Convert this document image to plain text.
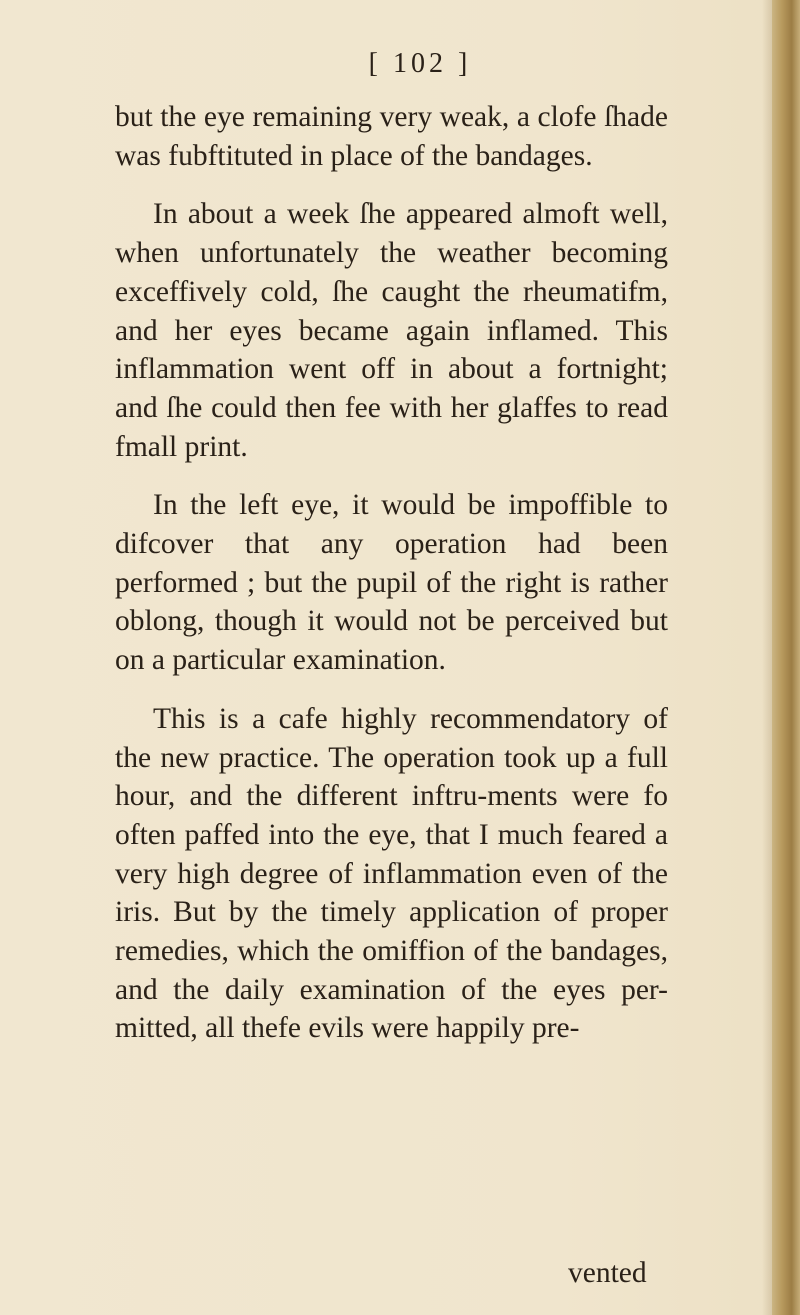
[ 102 ]

but the eye remaining very weak, a clofe ſhade was fubftituted in place of the bandages.

In about a week ſhe appeared almoft well, when unfortunately the weather becoming exceffively cold, ſhe caught the rheumatifm, and her eyes became again inflamed. This inflammation went off in about a fortnight; and ſhe could then fee with her glaffes to read fmall print.

In the left eye, it would be impoffible to difcover that any operation had been performed ; but the pupil of the right is rather oblong, though it would not be perceived but on a particular examination.

This is a cafe highly recommendatory of the new practice. The operation took up a full hour, and the different inftru-ments were fo often paffed into the eye, that I much feared a very high degree of inflammation even of the iris. But by the timely application of proper remedies, which the omiffion of the bandages, and the daily examination of the eyes per-mitted, all thefe evils were happily pre-

vented
